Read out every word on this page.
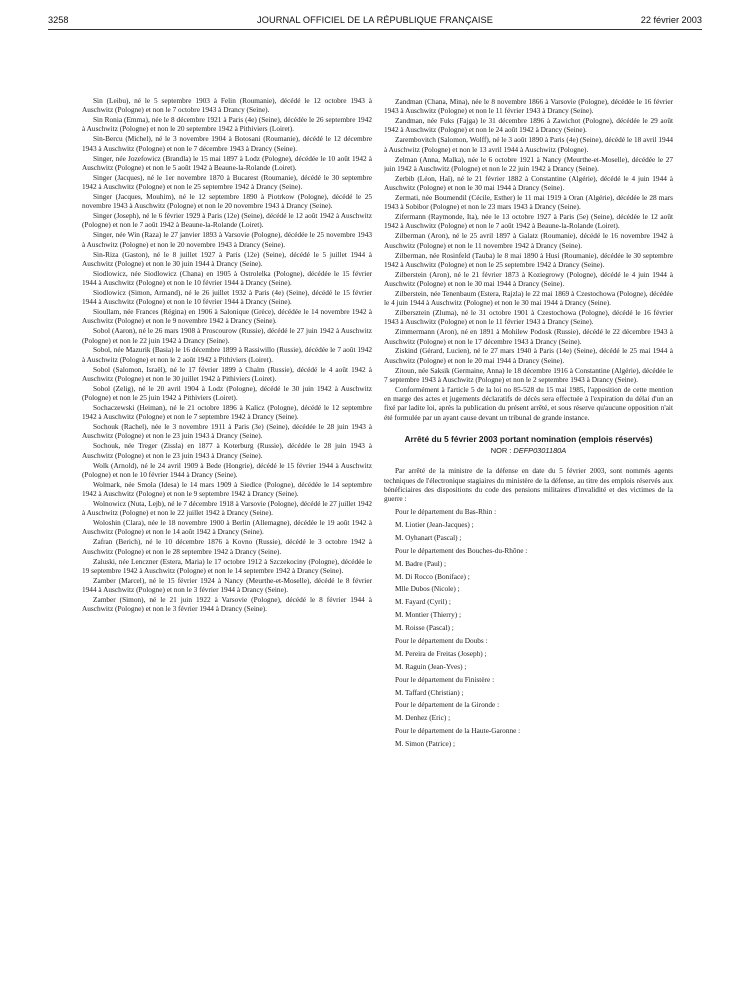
3258	JOURNAL OFFICIEL DE LA RÉPUBLIQUE FRANÇAISE	22 février 2003

Sin (Leibu), né le 5 septembre 1903 à Felin (Roumanie), décédé le 12 octobre 1943 à Auschwitz (Pologne) et non le 7 octobre 1943 à Drancy (Seine).

Sin Ronia (Emma), née le 8 décembre 1921 à Paris (4e) (Seine), décédée le 26 septembre 1942 à Auschwitz (Pologne) et non le 20 septembre 1942 à Pithiviers (Loiret).

Sin-Bercu (Michel), né le 3 novembre 1904 à Botosani (Roumanie), décédé le 12 décembre 1943 à Auschwitz (Pologne) et non le 7 décembre 1943 à Drancy (Seine).

Singer, née Jozefowicz (Brandla) le 15 mai 1897 à Lodz (Pologne), décédée le 10 août 1942 à Auschwitz (Pologne) et non le 5 août 1942 à Beaune-la-Rolande (Loiret).

Singer (Jacques), né le 1er novembre 1870 à Bucarest (Roumanie), décédé le 30 septembre 1942 à Auschwitz (Pologne) et non le 25 septembre 1942 à Drancy (Seine).

Singer (Jacques, Mouhim), né le 12 septembre 1890 à Piotrkow (Pologne), décédé le 25 novembre 1943 à Auschwitz (Pologne) et non le 20 novembre 1943 à Drancy (Seine).

Singer (Joseph), né le 6 février 1929 à Paris (12e) (Seine), décédé le 12 août 1942 à Auschwitz (Pologne) et non le 7 août 1942 à Beaune-la-Rolande (Loiret).

Singer, née Win (Raza) le 27 janvier 1893 à Varsovie (Pologne), décédée le 25 novembre 1943 à Auschwitz (Pologne) et non le 20 novembre 1943 à Drancy (Seine).

Sin-Riza (Gaston), né le 8 juillet 1927 à Paris (12e) (Seine), décédé le 5 juillet 1944 à Auschwitz (Pologne) et non le 30 juin 1944 à Drancy (Seine).

Siodlowicz, née Siodlowicz (Chana) en 1905 à Ostrolelka (Pologne), décédée le 15 février 1944 à Auschwitz (Pologne) et non le 10 février 1944 à Drancy (Seine).

Siodlowicz (Simon, Armand), né le 26 juillet 1932 à Paris (4e) (Seine), décédé le 15 février 1944 à Auschwitz (Pologne) et non le 10 février 1944 à Drancy (Seine).

Sioullam, née Frances (Régina) en 1906 à Salonique (Grèce), décédée le 14 novembre 1942 à Auschwitz (Pologne) et non le 9 novembre 1942 à Drancy (Seine).

Sobol (Aaron), né le 26 mars 1908 à Proscourow (Russie), décédé le 27 juin 1942 à Auschwitz (Pologne) et non le 22 juin 1942 à Drancy (Seine).

Sobol, née Mazurik (Basia) le 16 décembre 1899 à Rassiwillo (Russie), décédée le 7 août 1942 à Auschwitz (Pologne) et non le 2 août 1942 à Pithiviers (Loiret).

Sobol (Salomon, Israël), né le 17 février 1899 à Chalm (Russie), décédé le 4 août 1942 à Auschwitz (Pologne) et non le 30 juillet 1942 à Pithiviers (Loiret).

Sobol (Zelig), né le 20 avril 1904 à Lodz (Pologne), décédé le 30 juin 1942 à Auschwitz (Pologne) et non le 25 juin 1942 à Pithiviers (Loiret).

Sochaczewski (Heiman), né le 21 octobre 1896 à Kalicz (Pologne), décédé le 12 septembre 1942 à Auschwitz (Pologne) et non le 7 septembre 1942 à Drancy (Seine).

Sochouk (Rachel), née le 3 novembre 1911 à Paris (3e) (Seine), décédée le 28 juin 1943 à Auschwitz (Pologne) et non le 23 juin 1943 à Drancy (Seine).

Sochouk, née Treger (Zissla) en 1877 à Koterburg (Russie), décédée le 28 juin 1943 à Auschwitz (Pologne) et non le 23 juin 1943 à Drancy (Seine).

Wolk (Arnold), né le 24 avril 1909 à Bede (Hongrie), décédé le 15 février 1944 à Auschwitz (Pologne) et non le 10 février 1944 à Drancy (Seine).

Wolmark, née Smola (Idesa) le 14 mars 1909 à Siedlce (Pologne), décédée le 14 septembre 1942 à Auschwitz (Pologne) et non le 9 septembre 1942 à Drancy (Seine).

Wolnowicz (Nuta, Lejb), né le 7 décembre 1918 à Varsovie (Pologne), décédé le 27 juillet 1942 à Auschwitz (Pologne) et non le 22 juillet 1942 à Drancy (Seine).

Woloshin (Clara), née le 18 novembre 1900 à Berlin (Allemagne), décédée le 19 août 1942 à Auschwitz (Pologne) et non le 14 août 1942 à Drancy (Seine).

Zafran (Berich), né le 10 décembre 1876 à Kovno (Russie), décédé le 3 octobre 1942 à Auschwitz (Pologne) et non le 28 septembre 1942 à Drancy (Seine).

Zaluski, née Lenczner (Estera, Maria) le 17 octobre 1912 à Szczekociny (Pologne), décédée le 19 septembre 1942 à Auschwitz (Pologne) et non le 14 septembre 1942 à Drancy (Seine).

Zamber (Marcel), né le 15 février 1924 à Nancy (Meurthe-et-Moselle), décédé le 8 février 1944 à Auschwitz (Pologne) et non le 3 février 1944 à Drancy (Seine).

Zamber (Simon), né le 21 juin 1922 à Varsovie (Pologne), décédé le 8 février 1944 à Auschwitz (Pologne) et non le 3 février 1944 à Drancy (Seine).

Zandman (Chana, Mina), née le 8 novembre 1866 à Varsovie (Pologne), décédée le 16 février 1943 à Auschwitz (Pologne) et non le 11 février 1943 à Drancy (Seine).

Zandman, née Fuks (Fajga) le 31 décembre 1896 à Zawichot (Pologne), décédée le 29 août 1942 à Auschwitz (Pologne) et non le 24 août 1942 à Drancy (Seine).

Zarembovitch (Salomon, Wolff), né le 3 août 1890 à Paris (4e) (Seine), décédé le 18 avril 1944 à Auschwitz (Pologne) et non le 13 avril 1944 à Auschwitz (Pologne).

Zelman (Anna, Malka), née le 6 octobre 1921 à Nancy (Meurthe-et-Moselle), décédée le 27 juin 1942 à Auschwitz (Pologne) et non le 22 juin 1942 à Drancy (Seine).

Zerbib (Léon, Haï), né le 21 février 1882 à Constantine (Algérie), décédé le 4 juin 1944 à Auschwitz (Pologne) et non le 30 mai 1944 à Drancy (Seine).

Zermati, née Boumendil (Cécile, Esther) le 11 mai 1919 à Oran (Algérie), décédée le 28 mars 1943 à Sobibor (Pologne) et non le 23 mars 1943 à Drancy (Seine).

Zifermann (Raymonde, Ita), née le 13 octobre 1927 à Paris (5e) (Seine), décédée le 12 août 1942 à Auschwitz (Pologne) et non le 7 août 1942 à Beaune-la-Rolande (Loiret).

Zilberman (Aron), né le 25 avril 1897 à Galatz (Roumanie), décédé le 16 novembre 1942 à Auschwitz (Pologne) et non le 11 novembre 1942 à Drancy (Seine).

Zilberman, née Rosinfeld (Tauba) le 8 mai 1890 à Husi (Roumanie), décédée le 30 septembre 1942 à Auschwitz (Pologne) et non le 25 septembre 1942 à Drancy (Seine).

Zilberstein (Aron), né le 21 février 1873 à Koziegrowy (Pologne), décédé le 4 juin 1944 à Auschwitz (Pologne) et non le 30 mai 1944 à Drancy (Seine).

Zilberstein, née Tenenbaum (Estera, Rajzla) le 22 mai 1869 à Czestochowa (Pologne), décédée le 4 juin 1944 à Auschwitz (Pologne) et non le 30 mai 1944 à Drancy (Seine).

Zilbersztein (Zluma), né le 31 octobre 1901 à Czestochowa (Pologne), décédé le 16 février 1943 à Auschwitz (Pologne) et non le 11 février 1943 à Drancy (Seine).

Zimmermann (Aron), né en 1891 à Mohilew Podosk (Russie), décédé le 22 décembre 1943 à Auschwitz (Pologne) et non le 17 décembre 1943 à Drancy (Seine).

Ziskind (Gérard, Lucien), né le 27 mars 1940 à Paris (14e) (Seine), décédé le 25 mai 1944 à Auschwitz (Pologne) et non le 20 mai 1944 à Drancy (Seine).

Zitoun, née Saksik (Germaine, Anna) le 18 décembre 1916 à Constantine (Algérie), décédée le 7 septembre 1943 à Auschwitz (Pologne) et non le 2 septembre 1943 à Drancy (Seine).

Conformément à l'article 5 de la loi no 85-528 du 15 mai 1985, l'apposition de cette mention en marge des actes et jugements déclaratifs de décès sera effectuée à l'expiration du délai d'un an fixé par ladite loi, après la publication du présent arrêté, et sous réserve qu'aucune opposition n'ait été formulée par un ayant cause devant un tribunal de grande instance.

Arrêté du 5 février 2003 portant nomination (emplois réservés)
NOR : DEFP0301180A

Par arrêté de la ministre de la défense en date du 5 février 2003, sont nommés agents techniques de l'électronique stagiaires du ministère de la défense, au titre des emplois réservés aux bénéficiaires des dispositions du code des pensions militaires d'invalidité et des victimes de la guerre :

Pour le département du Bas-Rhin :

M. Liotier (Jean-Jacques) ;

M. Oyhanart (Pascal) ;

Pour le département des Bouches-du-Rhône :

M. Badre (Paul) ;

M. Di Rocco (Boniface) ;

Mlle Dubos (Nicole) ;

M. Fayard (Cyril) ;

M. Montier (Thierry) ;

M. Roisse (Pascal) ;

Pour le département du Doubs :

M. Pereira de Freitas (Joseph) ;

M. Raguin (Jean-Yves) ;

Pour le département du Finistère :

M. Taffard (Christian) ;

Pour le département de la Gironde :

M. Denhez (Eric) ;

Pour le département de la Haute-Garonne :

M. Simon (Patrice) ;
